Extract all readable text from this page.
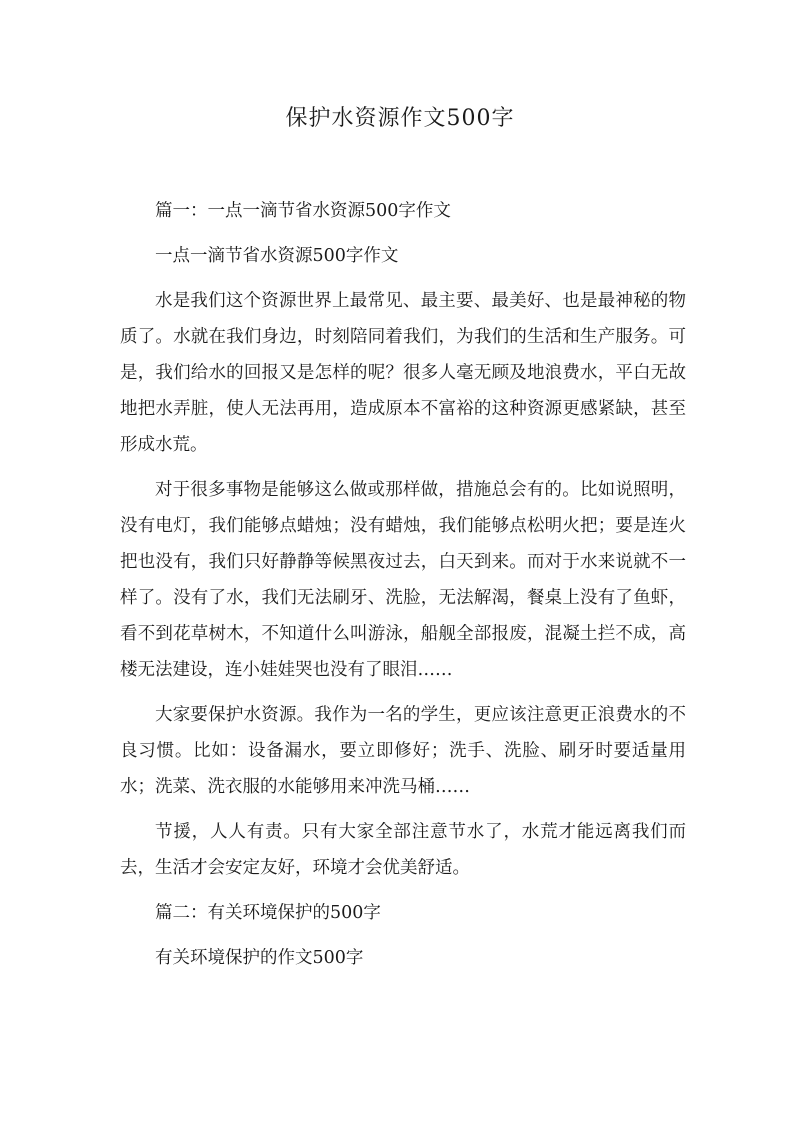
保护水资源作文500字

篇一：一点一滴节省水资源500字作文

一点一滴节省水资源500字作文

水是我们这个资源世界上最常见、最主要、最美好、也是最神秘的物质了。水就在我们身边，时刻陪同着我们，为我们的生活和生产服务。可是，我们给水的回报又是怎样的呢？很多人毫无顾及地浪费水，平白无故地把水弄脏，使人无法再用，造成原本不富裕的这种资源更感紧缺，甚至形成水荒。

对于很多事物是能够这么做或那样做，措施总会有的。比如说照明，没有电灯，我们能够点蜡烛；没有蜡烛，我们能够点松明火把；要是连火把也没有，我们只好静静等候黑夜过去，白天到来。而对于水来说就不一样了。没有了水，我们无法刷牙、洗脸，无法解渴，餐桌上没有了鱼虾，看不到花草树木，不知道什么叫游泳，船舰全部报废，混凝土拦不成，高楼无法建设，连小娃娃哭也没有了眼泪……

大家要保护水资源。我作为一名的学生，更应该注意更正浪费水的不良习惯。比如：设备漏水，要立即修好；洗手、洗脸、刷牙时要适量用水；洗菜、洗衣服的水能够用来冲洗马桶……

节援，人人有责。只有大家全部注意节水了，水荒才能远离我们而去，生活才会安定友好，环境才会优美舒适。

篇二：有关环境保护的500字

有关环境保护的作文500字
